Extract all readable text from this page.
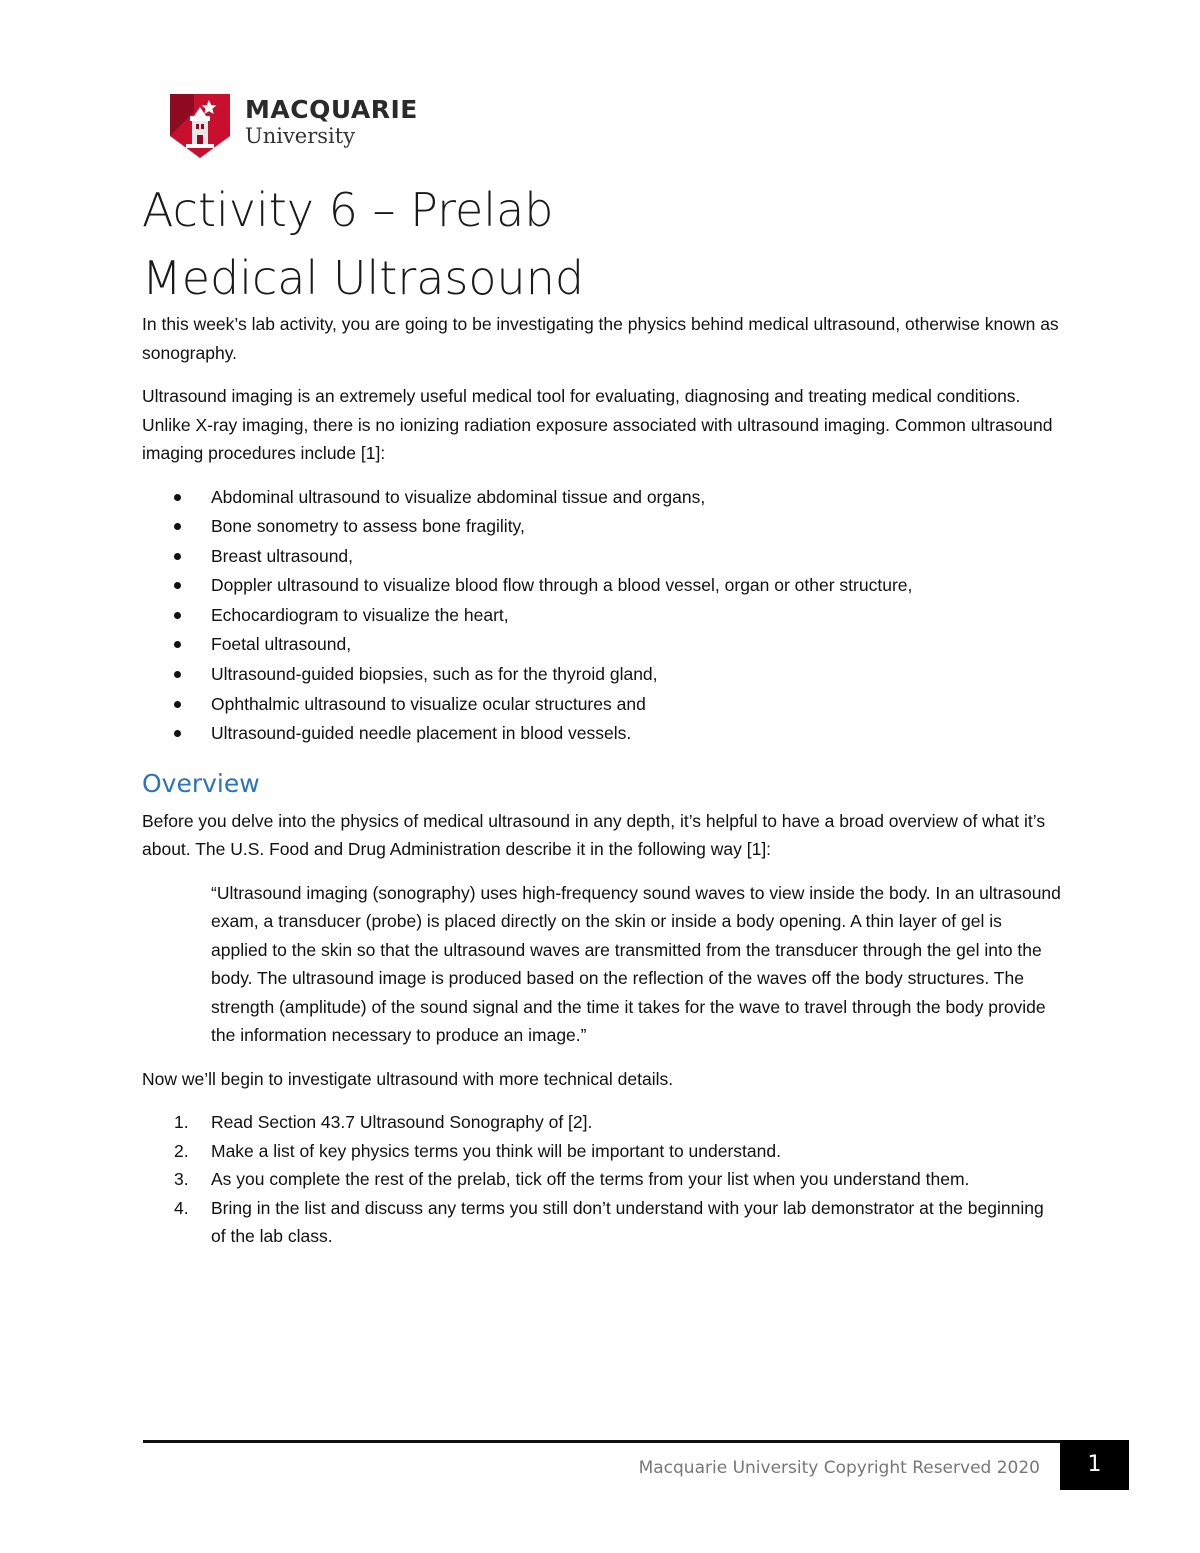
MACQUARIE
University
Activity 6 – Prelab
Medical Ultrasound

In this week’s lab activity, you are going to be investigating the physics behind medical ultrasound, otherwise known as sonography.

Ultrasound imaging is an extremely useful medical tool for evaluating, diagnosing and treating medical conditions. Unlike X-ray imaging, there is no ionizing radiation exposure associated with ultrasound imaging. Common ultrasound imaging procedures include [1]:

Abdominal ultrasound to visualize abdominal tissue and organs,
Bone sonometry to assess bone fragility,
Breast ultrasound,
Doppler ultrasound to visualize blood flow through a blood vessel, organ or other structure,
Echocardiogram to visualize the heart,
Foetal ultrasound,
Ultrasound-guided biopsies, such as for the thyroid gland,
Ophthalmic ultrasound to visualize ocular structures and
Ultrasound-guided needle placement in blood vessels.
Overview

Before you delve into the physics of medical ultrasound in any depth, it’s helpful to have a broad overview of what it’s about. The U.S. Food and Drug Administration describe it in the following way [1]:

“Ultrasound imaging (sonography) uses high-frequency sound waves to view inside the body. In an ultrasound exam, a transducer (probe) is placed directly on the skin or inside a body opening. A thin layer of gel is applied to the skin so that the ultrasound waves are transmitted from the transducer through the gel into the body. The ultrasound image is produced based on the reflection of the waves off the body structures. The strength (amplitude) of the sound signal and the time it takes for the wave to travel through the body provide the information necessary to produce an image.”

Now we’ll begin to investigate ultrasound with more technical details.

1. Read Section 43.7 Ultrasound Sonography of [2].
2. Make a list of key physics terms you think will be important to understand.
3. As you complete the rest of the prelab, tick off the terms from your list when you understand them.
4. Bring in the list and discuss any terms you still don’t understand with your lab demonstrator at the beginning of the lab class.
Macquarie University Copyright Reserved 2020	1
